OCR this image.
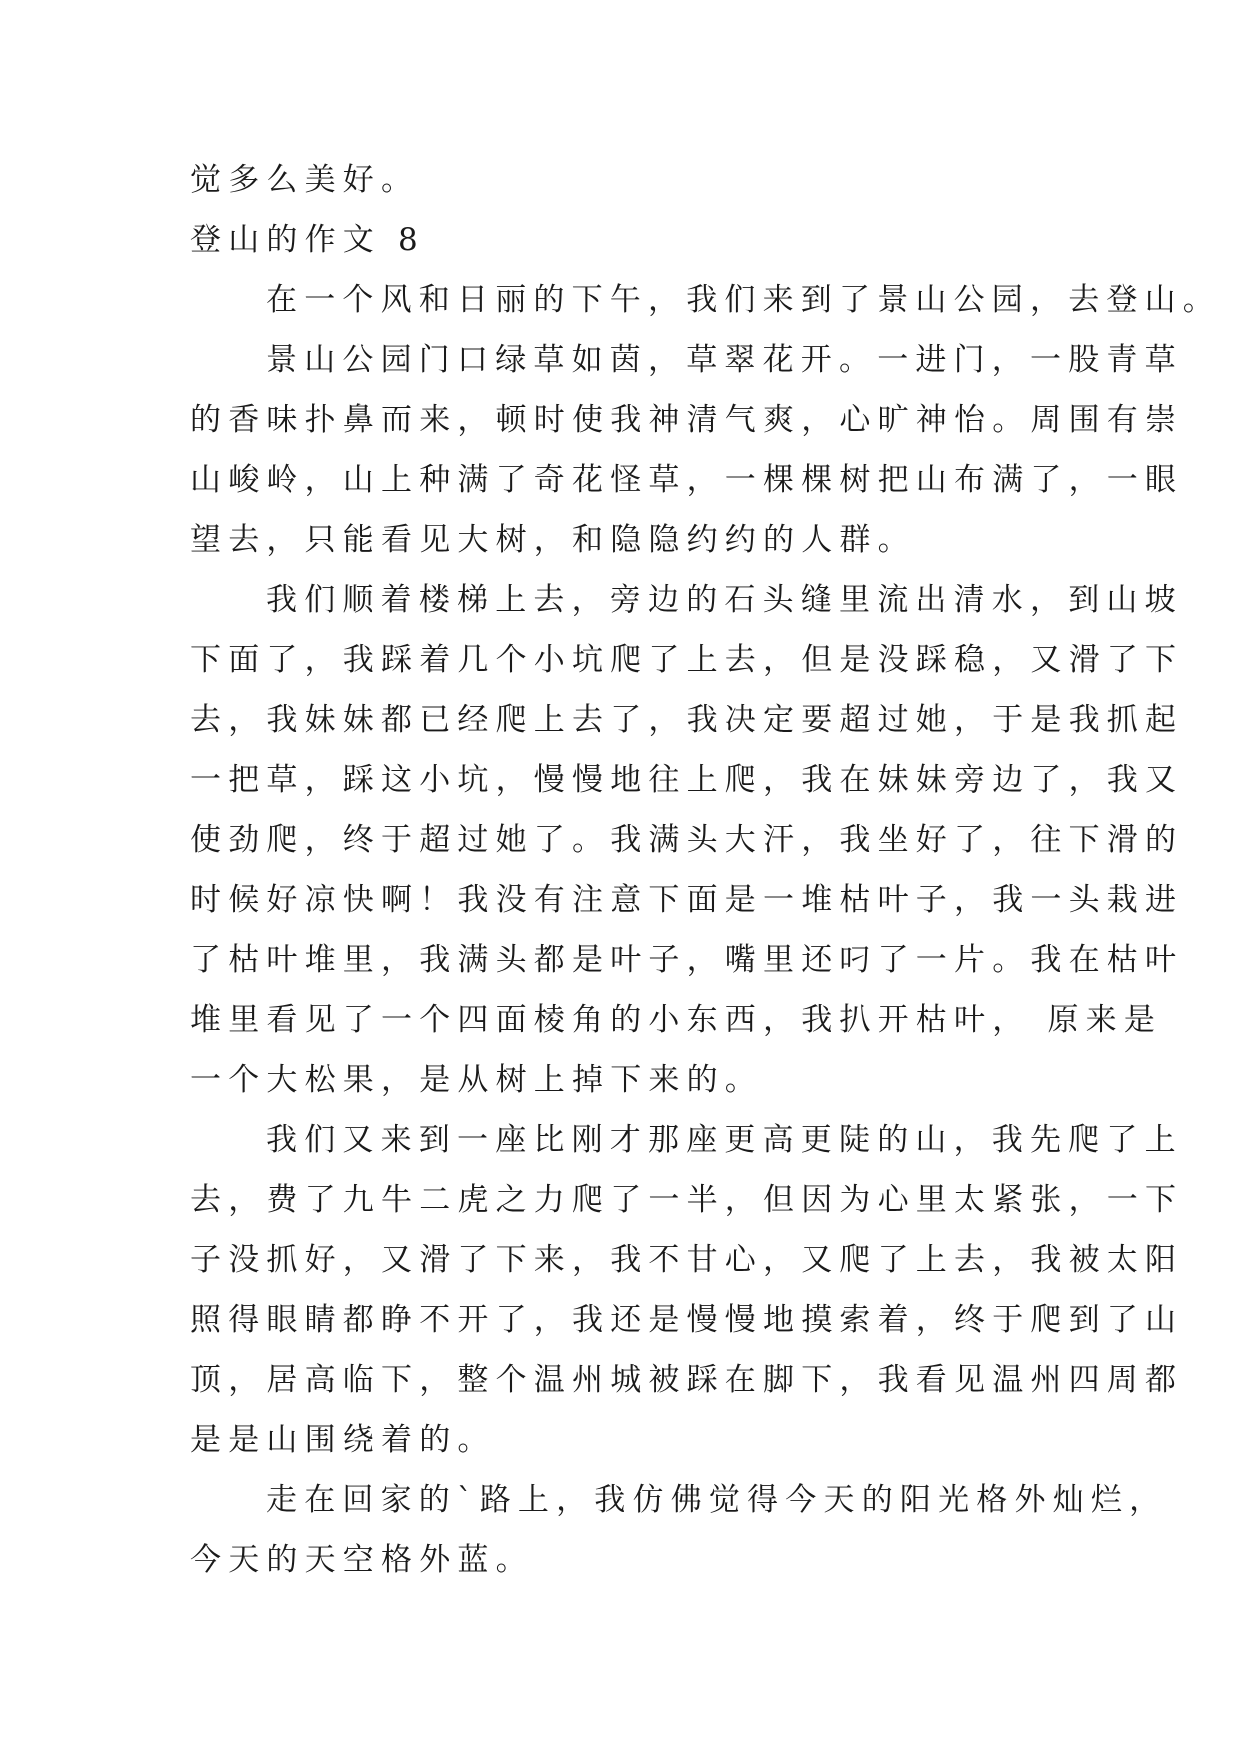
觉多么美好。

登山的作文 8

在一个风和日丽的下午，我们来到了景山公园，去登山。

景山公园门口绿草如茵，草翠花开。一进门，一股青草

的香味扑鼻而来，顿时使我神清气爽，心旷神怡。周围有崇

山峻岭，山上种满了奇花怪草，一棵棵树把山布满了，一眼

望去，只能看见大树，和隐隐约约的人群。

我们顺着楼梯上去，旁边的石头缝里流出清水，到山坡

下面了，我踩着几个小坑爬了上去，但是没踩稳，又滑了下

去，我妹妹都已经爬上去了，我决定要超过她，于是我抓起

一把草，踩这小坑，慢慢地往上爬，我在妹妹旁边了，我又

使劲爬，终于超过她了。我满头大汗，我坐好了，往下滑的

时候好凉快啊！我没有注意下面是一堆枯叶子，我一头栽进

了枯叶堆里，我满头都是叶子，嘴里还叼了一片。我在枯叶

堆里看见了一个四面棱角的小东西，我扒开枯叶， 原来是

一个大松果，是从树上掉下来的。

我们又来到一座比刚才那座更高更陡的山，我先爬了上

去，费了九牛二虎之力爬了一半，但因为心里太紧张，一下

子没抓好，又滑了下来，我不甘心，又爬了上去，我被太阳

照得眼睛都睁不开了，我还是慢慢地摸索着，终于爬到了山

顶，居高临下，整个温州城被踩在脚下，我看见温州四周都

是是山围绕着的。

走在回家的`路上，我仿佛觉得今天的阳光格外灿烂，

今天的天空格外蓝。
